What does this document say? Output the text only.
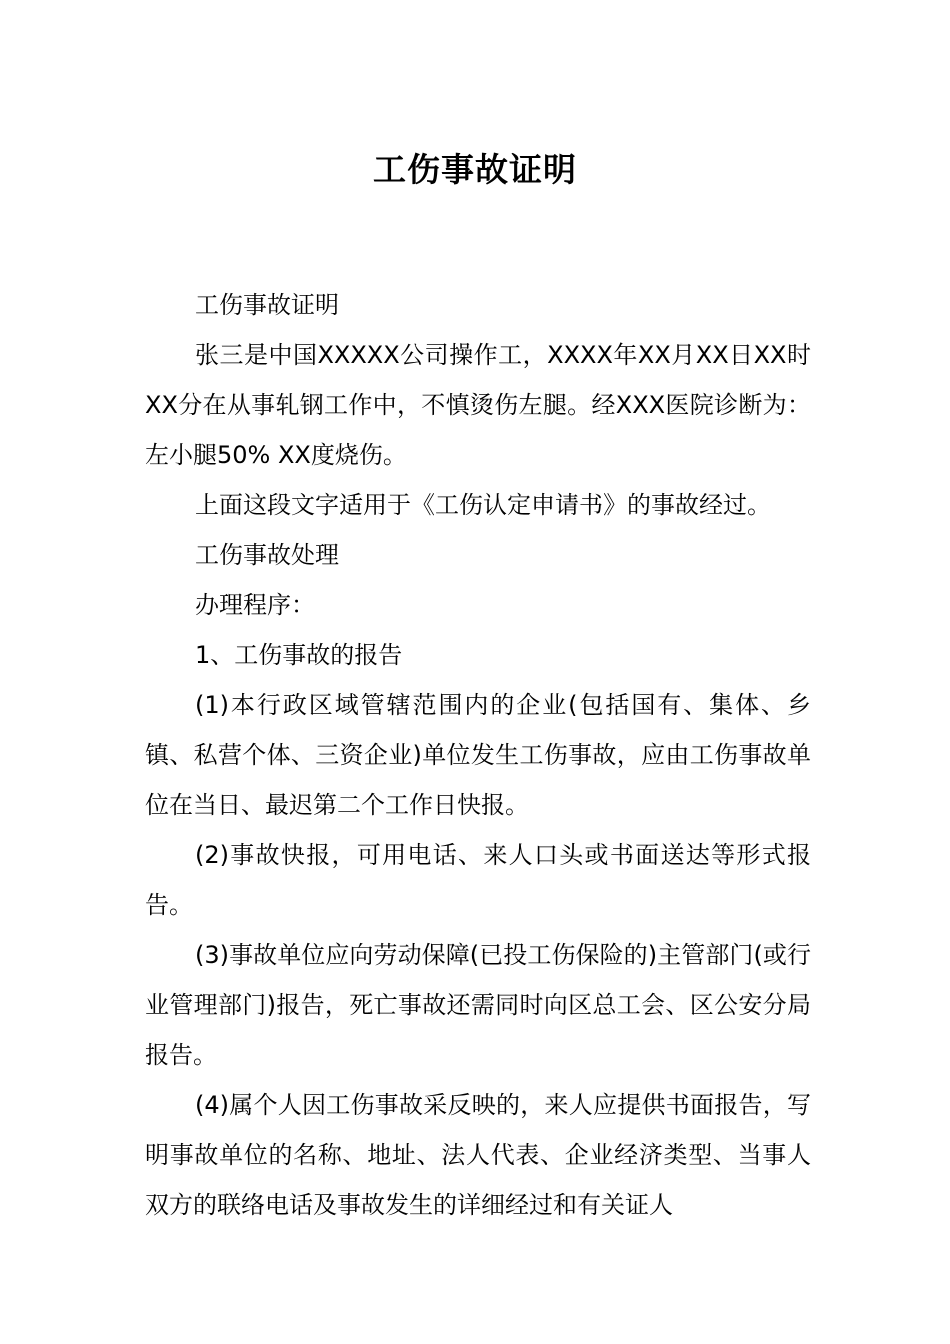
工伤事故证明

工伤事故证明

张三是中国XXXXX公司操作工，XXXX年XX月XX日XX时XX分在从事轧钢工作中，不慎烫伤左腿。经XXX医院诊断为：左小腿50% XX度烧伤。

上面这段文字适用于《工伤认定申请书》的事故经过。

工伤事故处理

办理程序：

1、工伤事故的报告

(1)本行政区域管辖范围内的企业(包括国有、集体、乡镇、私营个体、三资企业)单位发生工伤事故，应由工伤事故单位在当日、最迟第二个工作日快报。

(2)事故快报，可用电话、来人口头或书面送达等形式报告。

(3)事故单位应向劳动保障(已投工伤保险的)主管部门(或行业管理部门)报告，死亡事故还需同时向区总工会、区公安分局报告。

(4)属个人因工伤事故采反映的，来人应提供书面报告，写明事故单位的名称、地址、法人代表、企业经济类型、当事人双方的联络电话及事故发生的详细经过和有关证人
